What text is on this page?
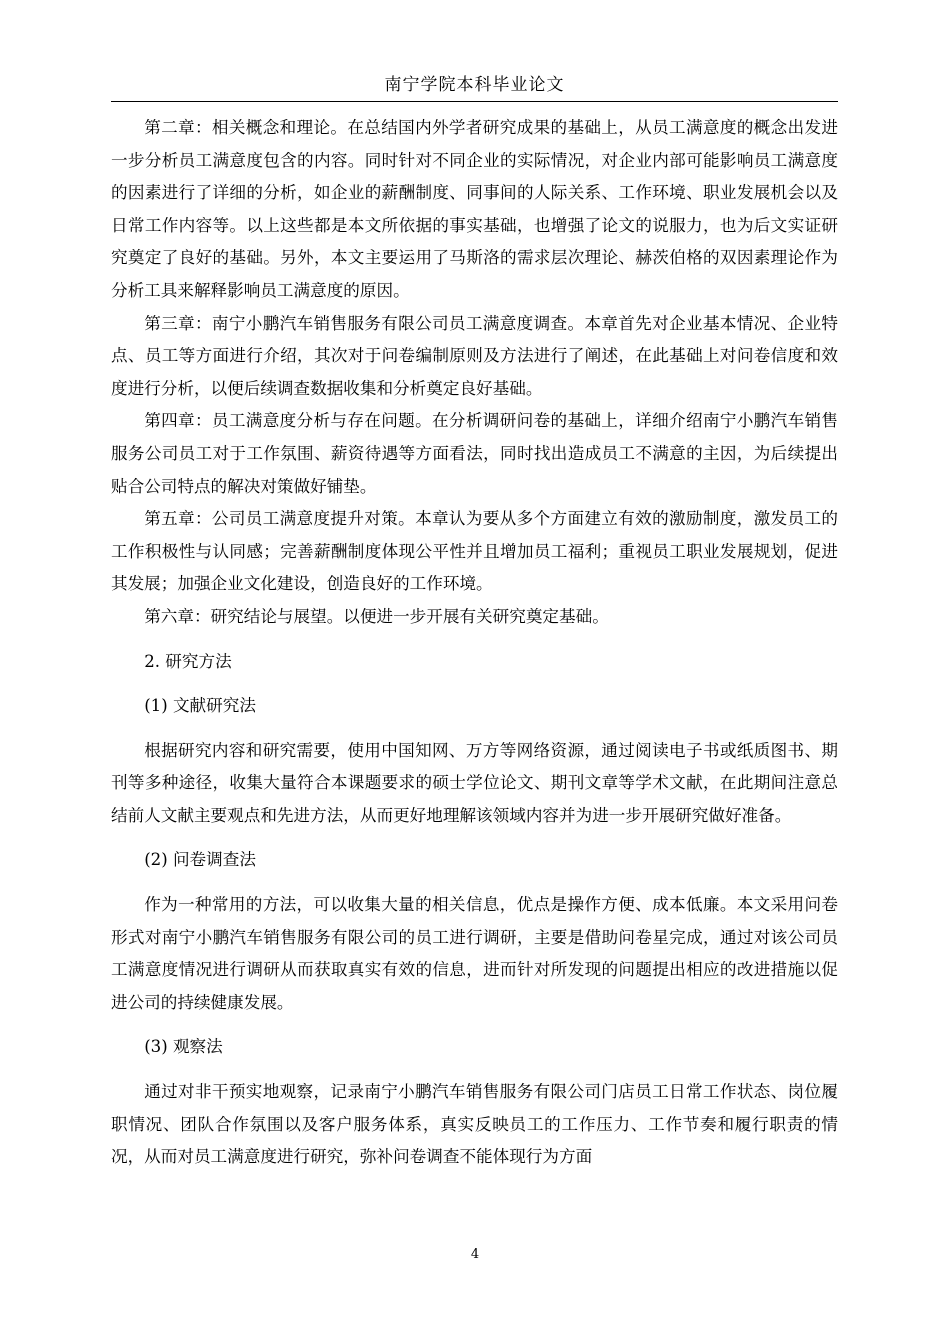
南宁学院本科毕业论文

第二章：相关概念和理论。在总结国内外学者研究成果的基础上，从员工满意度的概念出发进一步分析员工满意度包含的内容。同时针对不同企业的实际情况，对企业内部可能影响员工满意度的因素进行了详细的分析，如企业的薪酬制度、同事间的人际关系、工作环境、职业发展机会以及日常工作内容等。以上这些都是本文所依据的事实基础，也增强了论文的说服力，也为后文实证研究奠定了良好的基础。另外，本文主要运用了马斯洛的需求层次理论、赫茨伯格的双因素理论作为分析工具来解释影响员工满意度的原因。

第三章：南宁小鹏汽车销售服务有限公司员工满意度调查。本章首先对企业基本情况、企业特点、员工等方面进行介绍，其次对于问卷编制原则及方法进行了阐述，在此基础上对问卷信度和效度进行分析，以便后续调查数据收集和分析奠定良好基础。

第四章：员工满意度分析与存在问题。在分析调研问卷的基础上，详细介绍南宁小鹏汽车销售服务公司员工对于工作氛围、薪资待遇等方面看法，同时找出造成员工不满意的主因，为后续提出贴合公司特点的解决对策做好铺垫。

第五章：公司员工满意度提升对策。本章认为要从多个方面建立有效的激励制度，激发员工的工作积极性与认同感；完善薪酬制度体现公平性并且增加员工福利；重视员工职业发展规划，促进其发展；加强企业文化建设，创造良好的工作环境。

第六章：研究结论与展望。以便进一步开展有关研究奠定基础。

2. 研究方法

(1) 文献研究法

根据研究内容和研究需要，使用中国知网、万方等网络资源，通过阅读电子书或纸质图书、期刊等多种途径，收集大量符合本课题要求的硕士学位论文、期刊文章等学术文献，在此期间注意总结前人文献主要观点和先进方法，从而更好地理解该领域内容并为进一步开展研究做好准备。

(2) 问卷调查法

作为一种常用的方法，可以收集大量的相关信息，优点是操作方便、成本低廉。本文采用问卷形式对南宁小鹏汽车销售服务有限公司的员工进行调研，主要是借助问卷星完成，通过对该公司员工满意度情况进行调研从而获取真实有效的信息，进而针对所发现的问题提出相应的改进措施以促进公司的持续健康发展。

(3) 观察法

通过对非干预实地观察，记录南宁小鹏汽车销售服务有限公司门店员工日常工作状态、岗位履职情况、团队合作氛围以及客户服务体系，真实反映员工的工作压力、工作节奏和履行职责的情况，从而对员工满意度进行研究，弥补问卷调查不能体现行为方面

4
